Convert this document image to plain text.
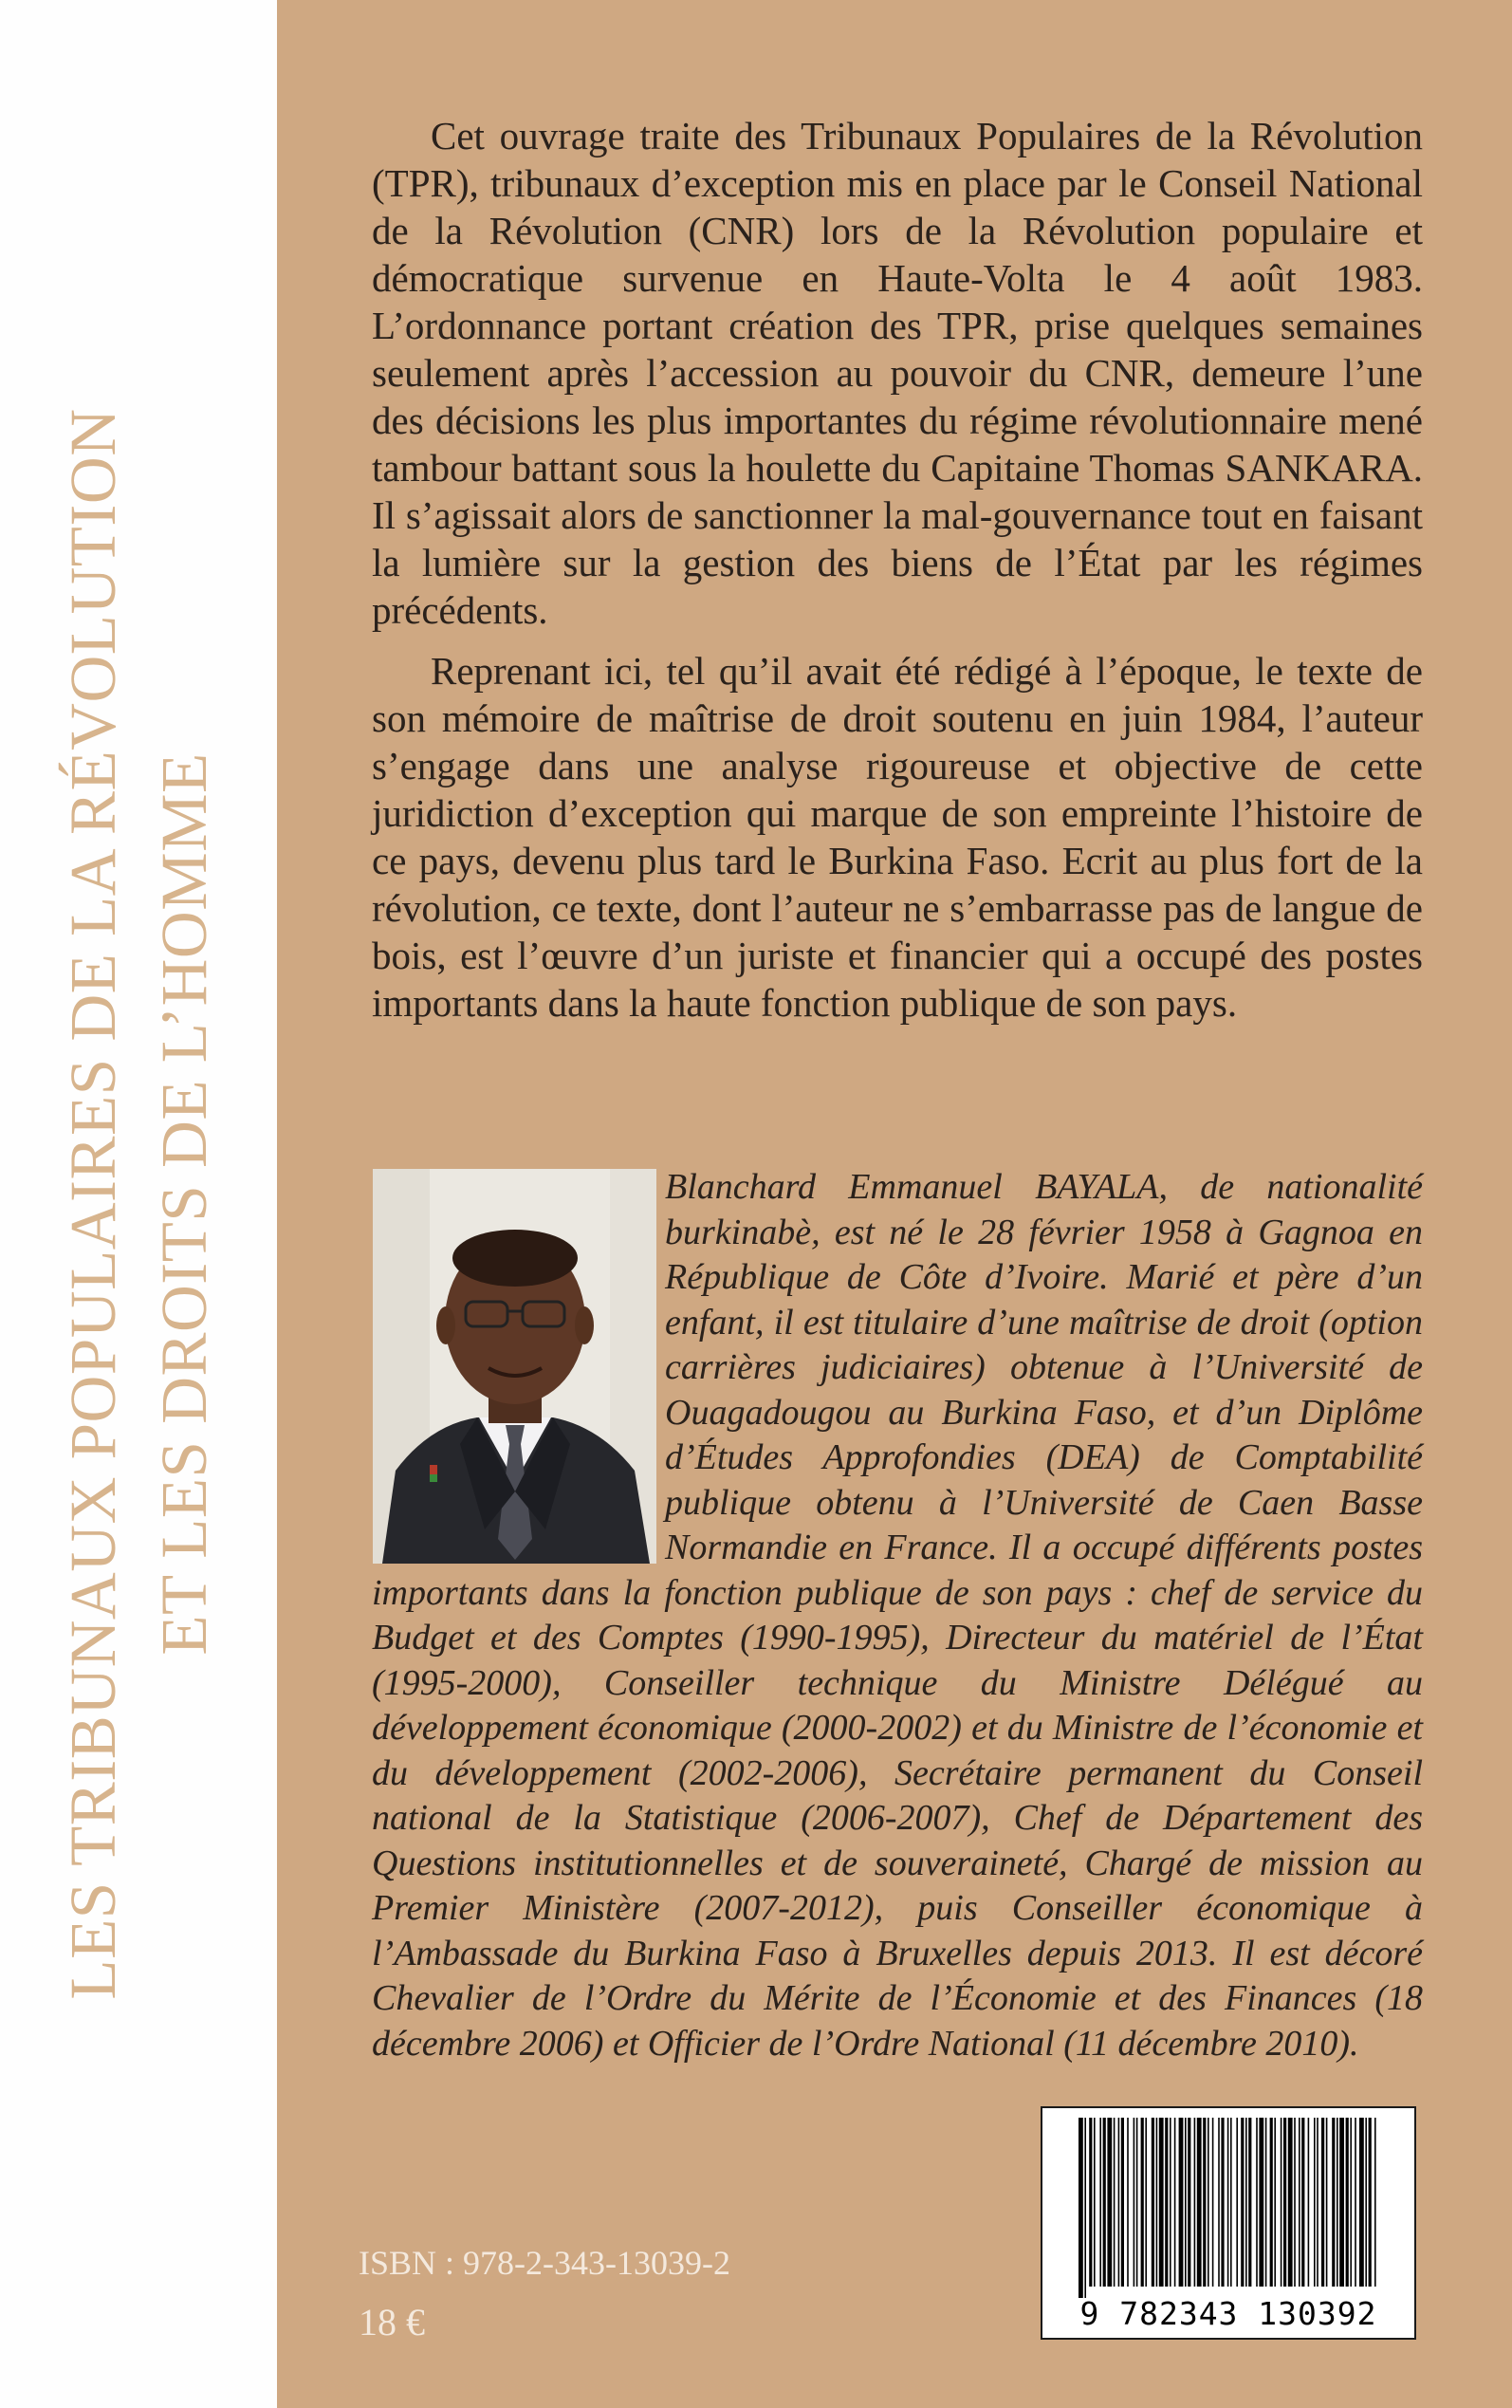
LES TRIBUNAUX POPULAIRES DE LA RÉVOLUTION ET LES DROITS DE L’HOMME

Cet ouvrage traite des Tribunaux Populaires de la Révolution (TPR), tribunaux d’exception mis en place par le Conseil National de la Révolution (CNR) lors de la Révolution populaire et démocratique survenue en Haute-Volta le 4 août 1983. L’ordonnance portant création des TPR, prise quelques semaines seulement après l’accession au pouvoir du CNR, demeure l’une des décisions les plus importantes du régime révolutionnaire mené tambour battant sous la houlette du Capitaine Thomas SANKARA. Il s’agissait alors de sanctionner la mal-gouvernance tout en faisant la lumière sur la gestion des biens de l’État par les régimes précédents.

Reprenant ici, tel qu’il avait été rédigé à l’époque, le texte de son mémoire de maîtrise de droit soutenu en juin 1984, l’auteur s’engage dans une analyse rigoureuse et objective de cette juridiction d’exception qui marque de son empreinte l’histoire de ce pays, devenu plus tard le Burkina Faso. Ecrit au plus fort de la révolution, ce texte, dont l’auteur ne s’embarrasse pas de langue de bois, est l’œuvre d’un juriste et financier qui a occupé des postes importants dans la haute fonction publique de son pays.

Blanchard Emmanuel BAYALA, de nationalité burkinabè, est né le 28 février 1958 à Gagnoa en République de Côte d’Ivoire. Marié et père d’un enfant, il est titulaire d’une maîtrise de droit (option carrières judiciaires) obtenue à l’Université de Ouagadougou au Burkina Faso, et d’un Diplôme d’Études Approfondies (DEA) de Comptabilité publique obtenu à l’Université de Caen Basse Normandie en France. Il a occupé différents postes importants dans la fonction publique de son pays : chef de service du Budget et des Comptes (1990-1995), Directeur du matériel de l’État (1995-2000), Conseiller technique du Ministre Délégué au développement économique (2000-2002) et du Ministre de l’économie et du développement (2002-2006), Secrétaire permanent du Conseil national de la Statistique (2006-2007), Chef de Département des Questions institutionnelles et de souveraineté, Chargé de mission au Premier Ministère (2007-2012), puis Conseiller économique à l’Ambassade du Burkina Faso à Bruxelles depuis 2013. Il est décoré Chevalier de l’Ordre du Mérite de l’Économie et des Finances (18 décembre 2006) et Officier de l’Ordre National (11 décembre 2010).
9 782343 130392
ISBN : 978-2-343-13039-2
18 €
